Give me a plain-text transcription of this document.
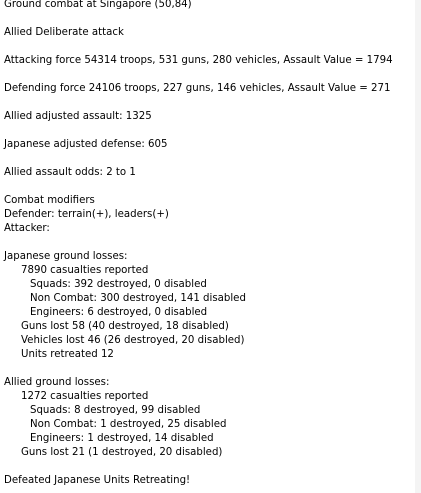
Ground combat at Singapore (50,84)
Allied Deliberate attack
Attacking force 54314 troops, 531 guns, 280 vehicles, Assault Value = 1794
Defending force 24106 troops, 227 guns, 146 vehicles, Assault Value = 271
Allied adjusted assault: 1325
Japanese adjusted defense: 605
Allied assault odds: 2 to 1
Combat modifiers
Defender: terrain(+), leaders(+)
Attacker:
Japanese ground losses:
7890 casualties reported
Squads: 392 destroyed, 0 disabled
Non Combat: 300 destroyed, 141 disabled
Engineers: 6 destroyed, 0 disabled
Guns lost 58 (40 destroyed, 18 disabled)
Vehicles lost 46 (26 destroyed, 20 disabled)
Units retreated 12
Allied ground losses:
1272 casualties reported
Squads: 8 destroyed, 99 disabled
Non Combat: 1 destroyed, 25 disabled
Engineers: 1 destroyed, 14 disabled
Guns lost 21 (1 destroyed, 20 disabled)
Defeated Japanese Units Retreating!
